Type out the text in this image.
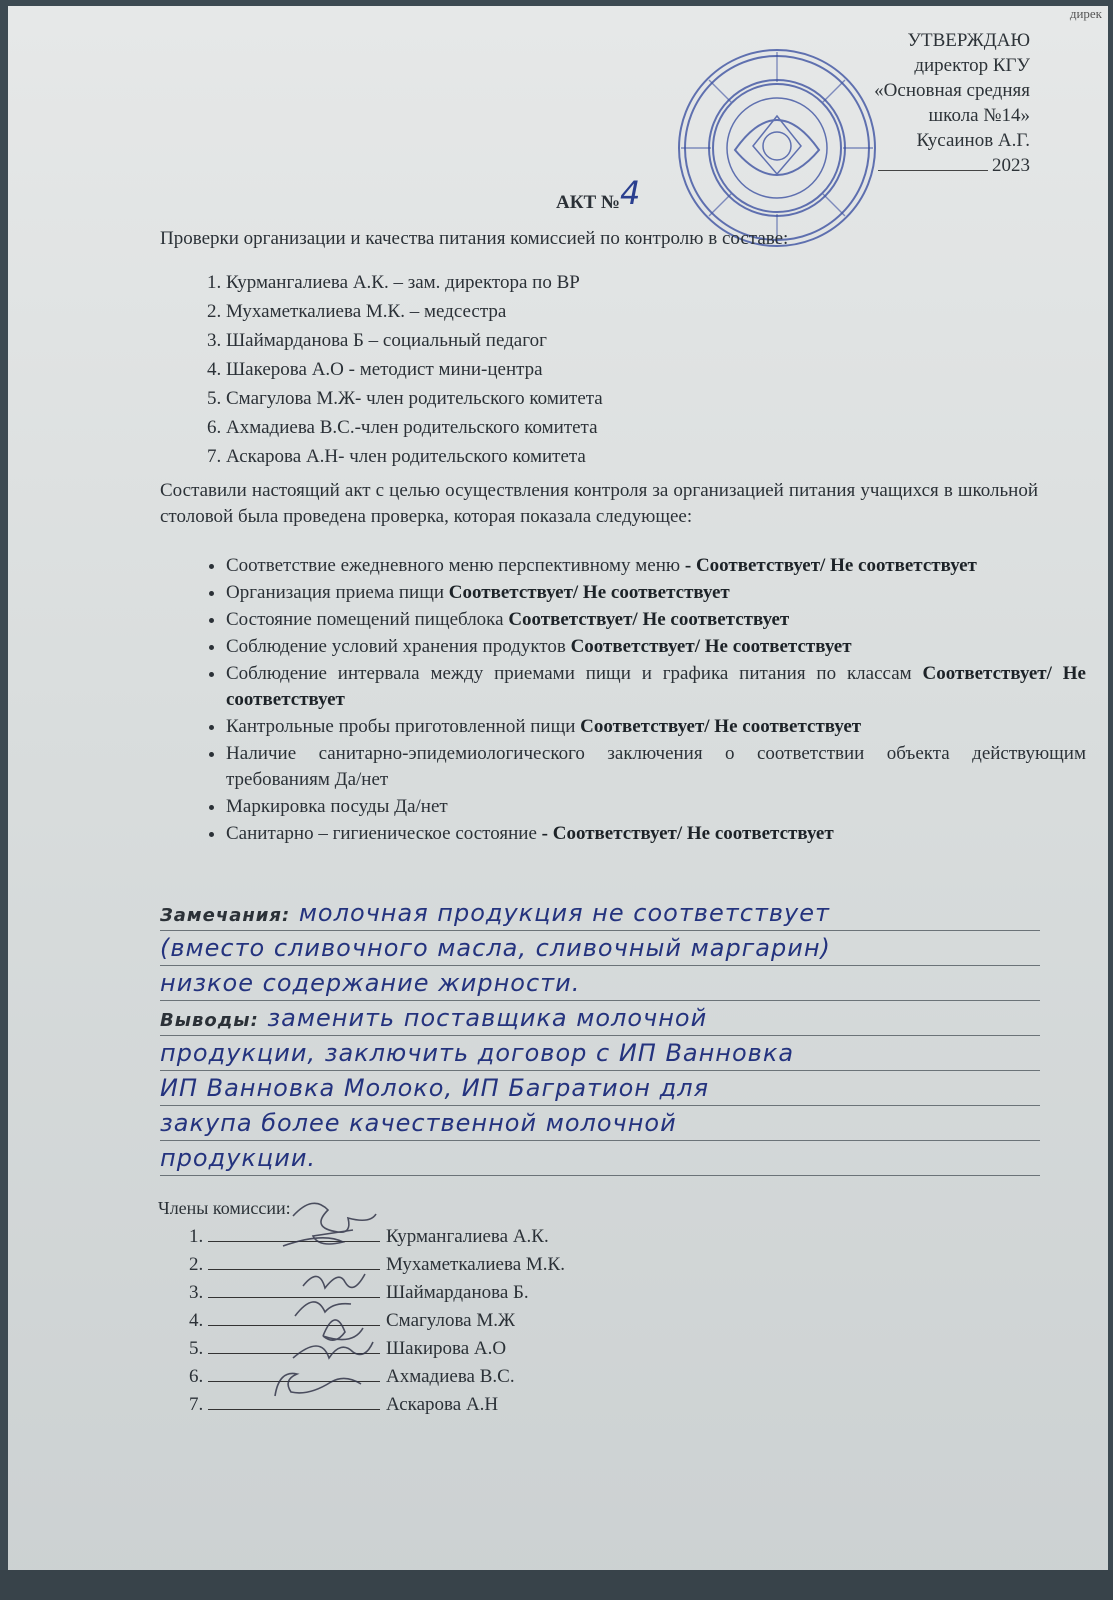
дирек
УТВЕРЖДАЮ
директор КГУ
«Основная средняя
школа №14»
Кусаинов А.Г.
2023
АКТ №4
Проверки организации и качества питания комиссией по контролю в составе:
1. Курмангалиева А.К. – зам. директора по ВР
2. Мухаметкалиева М.К. – медсестра
3. Шаймарданова Б – социальный педагог
4. Шакерова А.О - методист мини-центра
5. Смагулова М.Ж- член родительского комитета
6. Ахмадиева В.С.-член родительского комитета
7. Аскарова А.Н- член родительского комитета
Составили настоящий акт с целью осуществления контроля за организацией питания учащихся в школьной столовой была проведена проверка, которая показала следующее:
• Соответствие ежедневного меню перспективному меню - Соответствует/ Не соответствует
• Организация приема пищи Соответствует/ Не соответствует
• Состояние помещений пищеблока Соответствует/ Не соответствует
• Соблюдение условий хранения продуктов Соответствует/ Не соответствует
• Соблюдение интервала между приемами пищи и графика питания по классам Соответствует/ Не соответствует
• Кантрольные пробы приготовленной пищи Соответствует/ Не соответствует
• Наличие санитарно-эпидемиологического заключения о соответствии объекта действующим требованиям Да/нет
• Маркировка посуды Да/нет
• Санитарно – гигиеническое состояние - Соответствует/ Не соответствует
Замечания: молочная продукция не соответствует
(вместо сливочного масла, сливочный маргарин)
низкое содержание жирности.
Выводы: заменить поставщика молочной
продукции, заключить договор с ИП Ванновка
ИП Ванновка Молоко, ИП Багратион для
закупа более качественной молочной
продукции.
Члены комиссии:
1. Курмангалиева А.К.
2. Мухаметкалиева М.К.
3. Шаймарданова Б.
4. Смагулова М.Ж
5. Шакирова А.О
6. Ахмадиева В.С.
7. Аскарова А.Н
